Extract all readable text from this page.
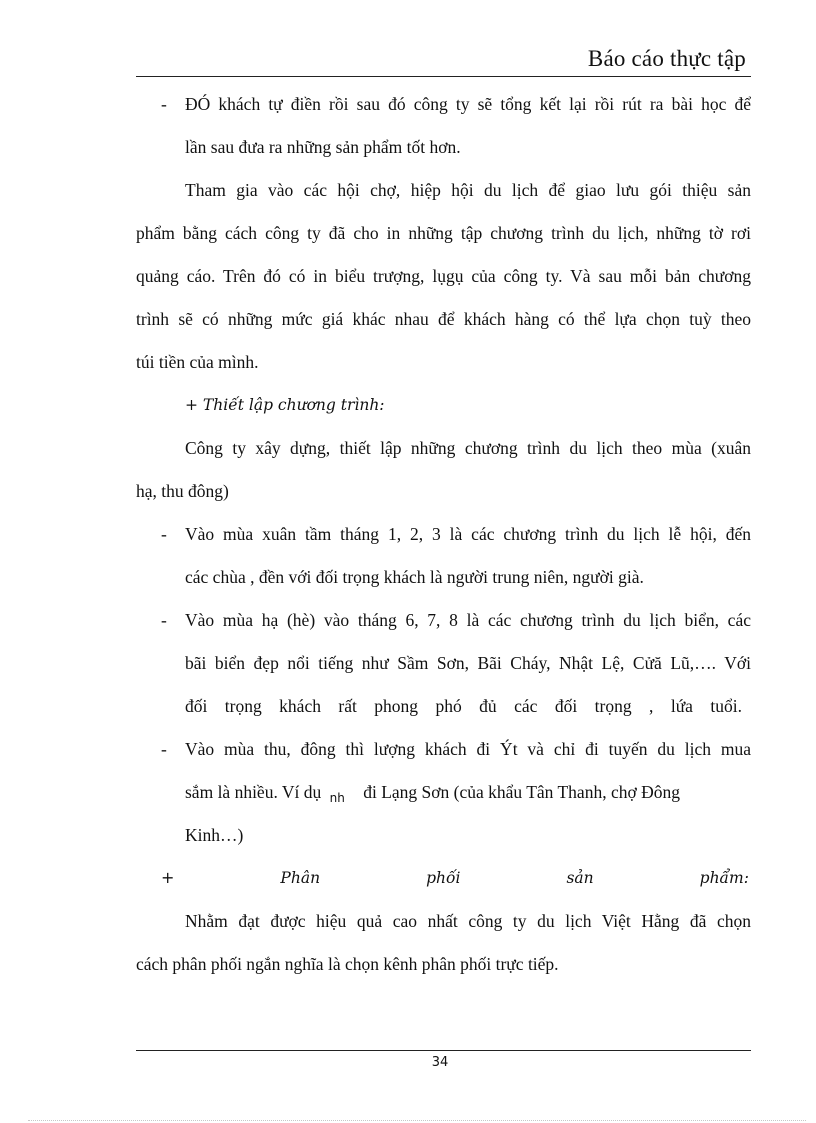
Báo cáo thực tập
- ĐÓ khách tự điền rồi sau đó công ty sẽ tổng kết lại rồi rút ra bài học để
lần sau đưa ra những sản phẩm tốt hơn.
Tham gia vào các hội chợ, hiệp hội du lịch để giao lưu gói thiệu sản
phẩm bằng cách công ty đã cho in những tập chương trình du lịch, những tờ rơi
quảng cáo. Trên đó có in biểu trượng, lụgụ của công ty. Và sau mỗi bản chương
trình sẽ có những mức giá khác nhau để khách hàng có thể lựa chọn tuỳ theo
túi tiền của mình.
+ Thiết lập chương trình:
Công ty xây dựng, thiết lập những chương trình du lịch theo mùa (xuân
hạ, thu đông)
- Vào mùa xuân tầm tháng 1, 2, 3 là các chương trình du lịch lễ hội, đến
các chùa , đền với đối trọng khách là người trung niên, người già.
- Vào mùa hạ (hè) vào tháng 6, 7, 8 là các chương trình du lịch biển, các
bãi biển đẹp nổi tiếng như Sầm Sơn, Bãi Cháy, Nhật Lệ, Cửă Lũ,…. Với
đối trọng khách rất phong phó đủ các đối trọng , lứa tuổi.
- Vào mùa thu, đông thì lượng khách đi Ýt và chỉ đi tuyến du lịch mua
sắm là nhiều. Ví dụ $_{nh}$ đi Lạng Sơn (của khẩu Tân Thanh, chợ Đông
Kinh…)
+	Phân	phối	sản	phẩm:
Nhằm đạt được hiệu quả cao nhất công ty du lịch Việt Hằng đã chọn
cách phân phối ngắn nghĩa là chọn kênh phân phối trực tiếp.
34
